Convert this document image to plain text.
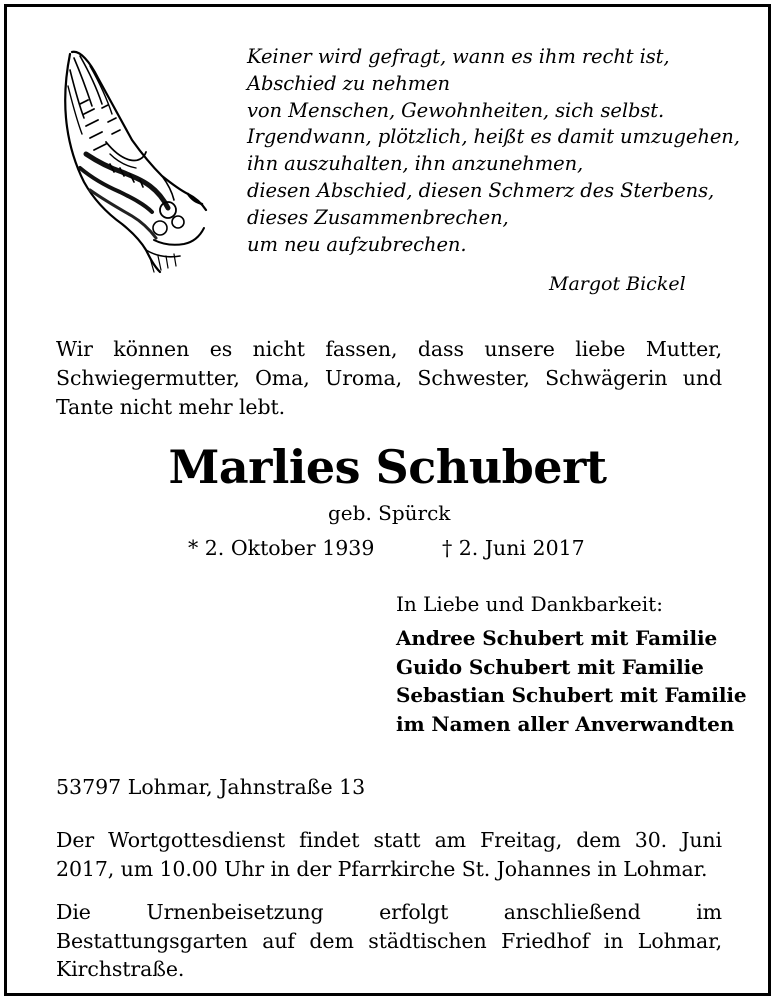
Keiner wird gefragt, wann es ihm recht ist,
Abschied zu nehmen
von Menschen, Gewohnheiten, sich selbst.
Irgendwann, plötzlich, heißt es damit umzugehen,
ihn auszuhalten, ihn anzunehmen,
diesen Abschied, diesen Schmerz des Sterbens,
dieses Zusammenbrechen,
um neu aufzubrechen.
Margot Bickel
Wir können es nicht fassen, dass unsere liebe Mutter, Schwiegermutter, Oma, Uroma, Schwester, Schwägerin und Tante nicht mehr lebt.
Marlies Schubert
geb. Spürck
* 2. Oktober 1939	† 2. Juni 2017
In Liebe und Dankbarkeit:
Andree Schubert mit Familie
Guido Schubert mit Familie
Sebastian Schubert mit Familie
im Namen aller Anverwandten
53797 Lohmar, Jahnstraße 13
Der Wortgottesdienst findet statt am Freitag, dem 30. Juni 2017, um 10.00 Uhr in der Pfarrkirche St. Johannes in Lohmar.
Die Urnenbeisetzung erfolgt anschließend im Bestattungsgarten auf dem städtischen Friedhof in Lohmar, Kirchstraße.
